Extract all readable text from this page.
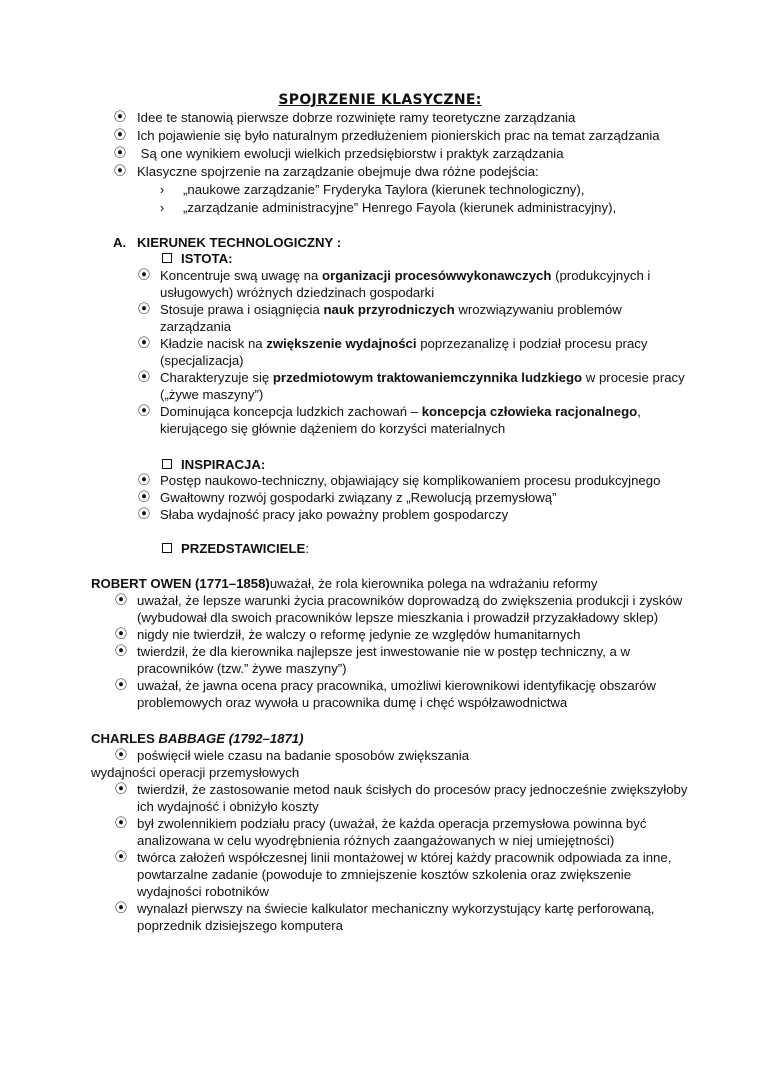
SPOJRZENIE KLASYCZNE:
⦿ Idee te stanowią pierwsze dobrze rozwinięte ramy teoretyczne zarządzania
⦿ Ich pojawienie się było naturalnym przedłużeniem pionierskich prac na temat zarządzania
⦿ Są one wynikiem ewolucji wielkich przedsiębiorstw i praktyk zarządzania
⦿ Klasyczne spojrzenie na zarządzanie obejmuje dwa różne podejścia:
›	„naukowe zarządzanie” Fryderyka Taylora (kierunek technologiczny),
›	„zarządzanie administracyjne” Henrego Fayola (kierunek administracyjny),
A. KIERUNEK TECHNOLOGICZNY :
ISTOTA:
⦿ Koncentruje swą uwagę na organizacji procesówwykonawczych (produkcyjnych i
usługowych) wróżnych dziedzinach gospodarki
⦿ Stosuje prawa i osiągnięcia nauk przyrodniczych wrozwiązywaniu problemów
zarządzania
⦿ Kładzie nacisk na zwiększenie wydajności poprzezanalizę i podział procesu pracy
(specjalizacja)
⦿ Charakteryzuje się przedmiotowym traktowaniemczynnika ludzkiego w procesie pracy
(„żywe maszyny”)
⦿ Dominująca koncepcja ludzkich zachowań – koncepcja człowieka racjonalnego,
kierującego się głównie dążeniem do korzyści materialnych
INSPIRACJA:
⦿ Postęp naukowo-techniczny, objawiający się komplikowaniem procesu produkcyjnego
⦿ Gwałtowny rozwój gospodarki związany z „Rewolucją przemysłową”
⦿ Słaba wydajność pracy jako poważny problem gospodarczy
PRZEDSTAWICIELE:
ROBERT OWEN (1771–1858)uważał, że rola kierownika polega na wdrażaniu reformy
⦿ uważał, że lepsze warunki życia pracowników doprowadzą do zwiększenia produkcji i zysków
(wybudował dla swoich pracowników lepsze mieszkania i prowadził przyzakładowy sklep)
⦿ nigdy nie twierdził, że walczy o reformę jedynie ze względów humanitarnych
⦿ twierdził, że dla kierownika najlepsze jest inwestowanie nie w postęp techniczny, a w
pracowników (tzw.” żywe maszyny”)
⦿ uważał, że jawna ocena pracy pracownika, umożliwi kierownikowi identyfikację obszarów
problemowych oraz wywoła u pracownika dumę i chęć współzawodnictwa
CHARLES BABBAGE (1792–1871)
⦿ poświęcił wiele czasu na badanie sposobów zwiększania
wydajności operacji przemysłowych
⦿ twierdził, że zastosowanie metod nauk ścisłych do procesów pracy jednocześnie zwiększyłoby
ich wydajność i obniżyło koszty
⦿ był zwolennikiem podziału pracy (uważał, że każda operacja przemysłowa powinna być
analizowana w celu wyodrębnienia różnych zaangażowanych w niej umiejętności)
⦿ twórca założeń współczesnej linii montażowej w której każdy pracownik odpowiada za inne,
powtarzalne zadanie (powoduje to zmniejszenie kosztów szkolenia oraz zwiększenie
wydajności robotników
⦿ wynalazł pierwszy na świecie kalkulator mechaniczny wykorzystujący kartę perforowaną,
poprzednik dzisiejszego komputera
